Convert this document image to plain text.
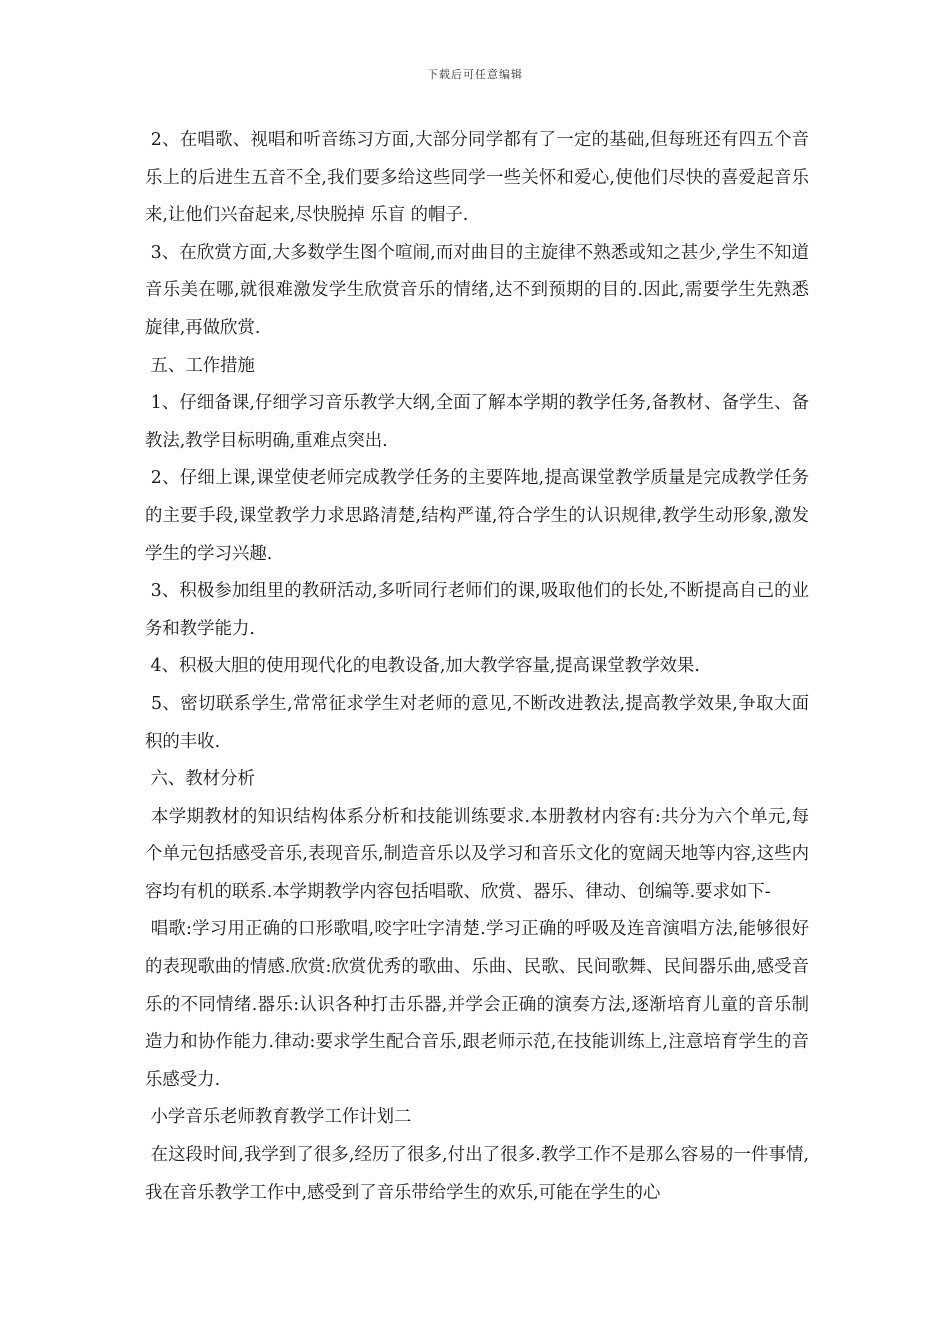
下载后可任意编辑

2、在唱歌、视唱和听音练习方面,大部分同学都有了一定的基础,但每班还有四五个音乐上的后进生五音不全,我们要多给这些同学一些关怀和爱心,使他们尽快的喜爱起音乐来,让他们兴奋起来,尽快脱掉 乐盲 的帽子.

3、在欣赏方面,大多数学生图个喧闹,而对曲目的主旋律不熟悉或知之甚少,学生不知道音乐美在哪,就很难激发学生欣赏音乐的情绪,达不到预期的目的.因此,需要学生先熟悉旋律,再做欣赏.

五、工作措施

1、仔细备课,仔细学习音乐教学大纲,全面了解本学期的教学任务,备教材、备学生、备教法,教学目标明确,重难点突出.

2、仔细上课,课堂使老师完成教学任务的主要阵地,提高课堂教学质量是完成教学任务的主要手段,课堂教学力求思路清楚,结构严谨,符合学生的认识规律,教学生动形象,激发学生的学习兴趣.

3、积极参加组里的教研活动,多听同行老师们的课,吸取他们的长处,不断提高自己的业务和教学能力.

4、积极大胆的使用现代化的电教设备,加大教学容量,提高课堂教学效果.

5、密切联系学生,常常征求学生对老师的意见,不断改进教法,提高教学效果,争取大面积的丰收.

六、教材分析

本学期教材的知识结构体系分析和技能训练要求.本册教材内容有:共分为六个单元,每个单元包括感受音乐,表现音乐,制造音乐以及学习和音乐文化的宽阔天地等内容,这些内容均有机的联系.本学期教学内容包括唱歌、欣赏、器乐、律动、创编等.要求如下-

唱歌:学习用正确的口形歌唱,咬字吐字清楚.学习正确的呼吸及连音演唱方法,能够很好的表现歌曲的情感.欣赏:欣赏优秀的歌曲、乐曲、民歌、民间歌舞、民间器乐曲,感受音乐的不同情绪.器乐:认识各种打击乐器,并学会正确的演奏方法,逐渐培育儿童的音乐制造力和协作能力.律动:要求学生配合音乐,跟老师示范,在技能训练上,注意培育学生的音乐感受力.

小学音乐老师教育教学工作计划二

在这段时间,我学到了很多,经历了很多,付出了很多.教学工作不是那么容易的一件事情,我在音乐教学工作中,感受到了音乐带给学生的欢乐,可能在学生的心
